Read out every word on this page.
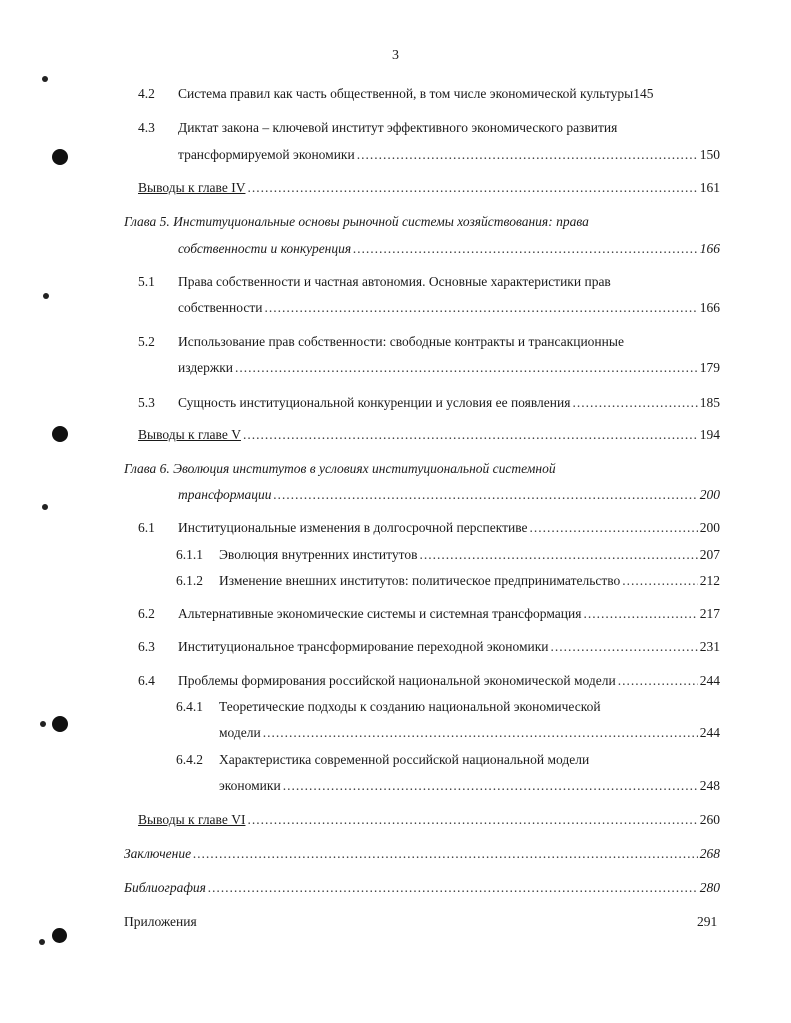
3
4.2 Система правил как часть общественной, в том числе экономической культуры145
4.3 Диктат закона – ключевой институт эффективного экономического развития
трансформируемой экономики .....	150
Выводы к главе IV .....	161
Глава 5. Институциональные основы рыночной системы хозяйствования: права
собственности и конкуренция .....	166
5.1 Права собственности и частная автономия. Основные характеристики прав
собственности .....	166
5.2 Использование прав собственности: свободные контракты и трансакционные
издержки .....	179
5.3 Сущность институциональной конкуренции и условия ее появления .....	185
Выводы к главе V .....	194
Глава 6. Эволюция институтов в условиях институциональной системной
трансформации .....	200
6.1 Институциональные изменения в долгосрочной перспективе .....	200
6.1.1 Эволюция внутренних институтов .....	207
6.1.2 Изменение внешних институтов: политическое предпринимательство .....	212
6.2 Альтернативные экономические системы и системная трансформация .....	217
6.3 Институциональное трансформирование переходной экономики .....	231
6.4 Проблемы формирования российской национальной экономической модели .....	244
6.4.1 Теоретические подходы к созданию национальной экономической
модели .....	244
6.4.2 Характеристика современной российской национальной модели
экономики .....	248
Выводы к главе VI .....	260
Заключение .....	268
Библиография .....	280
Приложения	291
